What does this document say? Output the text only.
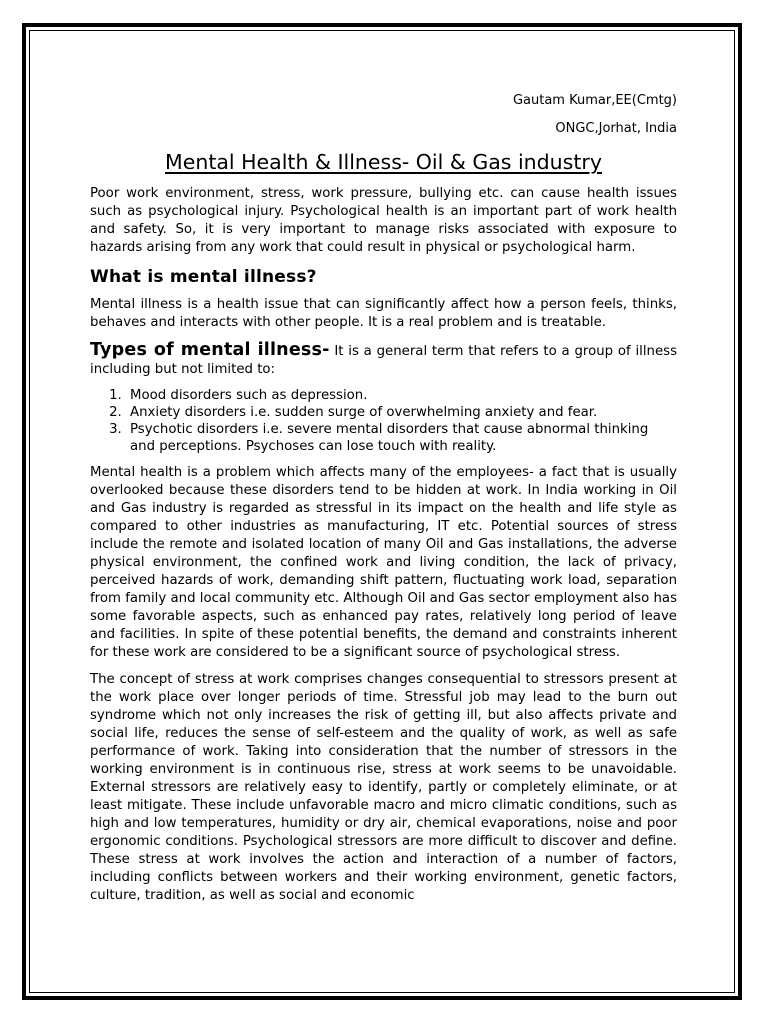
Gautam Kumar,EE(Cmtg)
ONGC,Jorhat, India
Mental Health & Illness- Oil & Gas industry

Poor work environment, stress, work pressure, bullying etc. can cause health issues such as psychological injury. Psychological health is an important part of work health and safety. So, it is very important to manage risks associated with exposure to hazards arising from any work that could result in physical or psychological harm.

What is mental illness?

Mental illness is a health issue that can significantly affect how a person feels, thinks, behaves and interacts with other people. It is a real problem and is treatable.

Types of mental illness- It is a general term that refers to a group of illness including but not limited to:

1. Mood disorders such as depression.
2. Anxiety disorders i.e. sudden surge of overwhelming anxiety and fear.
3. Psychotic disorders i.e. severe mental disorders that cause abnormal thinking and perceptions. Psychoses can lose touch with reality.

Mental health is a problem which affects many of the employees- a fact that is usually overlooked because these disorders tend to be hidden at work. In India working in Oil and Gas industry is regarded as stressful in its impact on the health and life style as compared to other industries as manufacturing, IT etc. Potential sources of stress include the remote and isolated location of many Oil and Gas installations, the adverse physical environment, the confined work and living condition, the lack of privacy, perceived hazards of work, demanding shift pattern, fluctuating work load, separation from family and local community etc. Although Oil and Gas sector employment also has some favorable aspects, such as enhanced pay rates, relatively long period of leave and facilities. In spite of these potential benefits, the demand and constraints inherent for these work are considered to be a significant source of psychological stress.

The concept of stress at work comprises changes consequential to stressors present at the work place over longer periods of time. Stressful job may lead to the burn out syndrome which not only increases the risk of getting ill, but also affects private and social life, reduces the sense of self-esteem and the quality of work, as well as safe performance of work. Taking into consideration that the number of stressors in the working environment is in continuous rise, stress at work seems to be unavoidable. External stressors are relatively easy to identify, partly or completely eliminate, or at least mitigate. These include unfavorable macro and micro climatic conditions, such as high and low temperatures, humidity or dry air, chemical evaporations, noise and poor ergonomic conditions. Psychological stressors are more difficult to discover and define. These stress at work involves the action and interaction of a number of factors, including conflicts between workers and their working environment, genetic factors, culture, tradition, as well as social and economic
